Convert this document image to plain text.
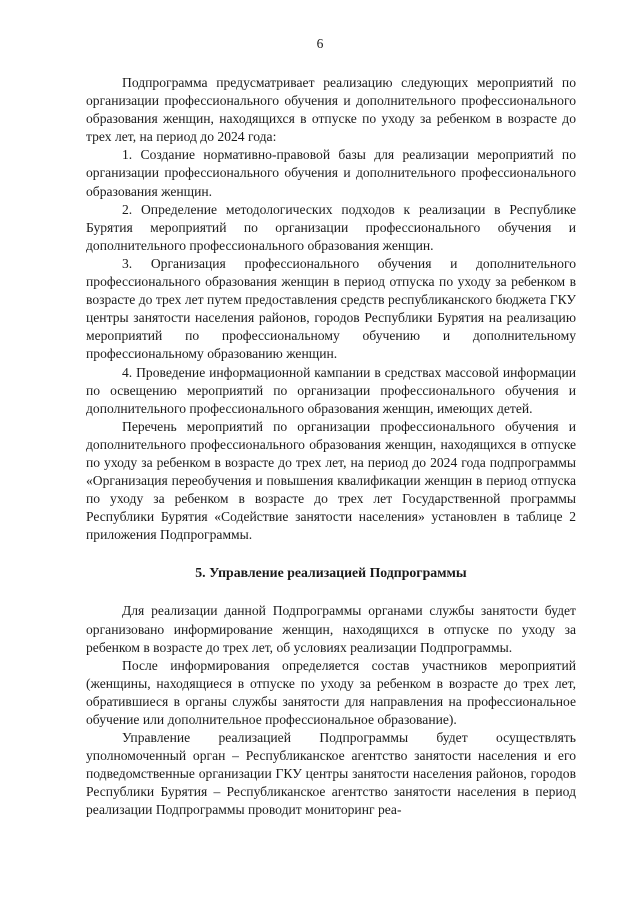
6

Подпрограмма предусматривает реализацию следующих мероприятий по организации профессионального обучения и дополнительного профессионального образования женщин, находящихся в отпуске по уходу за ребенком в возрасте до трех лет, на период до 2024 года:

1. Создание нормативно-правовой базы для реализации мероприятий по организации профессионального обучения и дополнительного профессионального образования женщин.

2. Определение методологических подходов к реализации в Республике Бурятия мероприятий по организации профессионального обучения и дополнительного профессионального образования женщин.

3. Организация профессионального обучения и дополнительного профессионального образования женщин в период отпуска по уходу за ребенком в возрасте до трех лет путем предоставления средств республиканского бюджета ГКУ центры занятости населения районов, городов Республики Бурятия на реализацию мероприятий по профессиональному обучению и дополнительному профессиональному образованию женщин.

4. Проведение информационной кампании в средствах массовой информации по освещению мероприятий по организации профессионального обучения и дополнительного профессионального образования женщин, имеющих детей.

Перечень мероприятий по организации профессионального обучения и дополнительного профессионального образования женщин, находящихся в отпуске по уходу за ребенком в возрасте до трех лет, на период до 2024 года подпрограммы «Организация переобучения и повышения квалификации женщин в период отпуска по уходу за ребенком в возрасте до трех лет Государственной программы Республики Бурятия «Содействие занятости населения» установлен в таблице 2 приложения Подпрограммы.

5. Управление реализацией Подпрограммы

Для реализации данной Подпрограммы органами службы занятости будет организовано информирование женщин, находящихся в отпуске по уходу за ребенком в возрасте до трех лет, об условиях реализации Подпрограммы.

После информирования определяется состав участников мероприятий (женщины, находящиеся в отпуске по уходу за ребенком в возрасте до трех лет, обратившиеся в органы службы занятости для направления на профессиональное обучение или дополнительное профессиональное образование).

Управление реализацией Подпрограммы будет осуществлять уполномоченный орган – Республиканское агентство занятости населения и его подведомственные организации ГКУ центры занятости населения районов, городов Республики Бурятия – Республиканское агентство занятости населения в период реализации Подпрограммы проводит мониторинг реа-
